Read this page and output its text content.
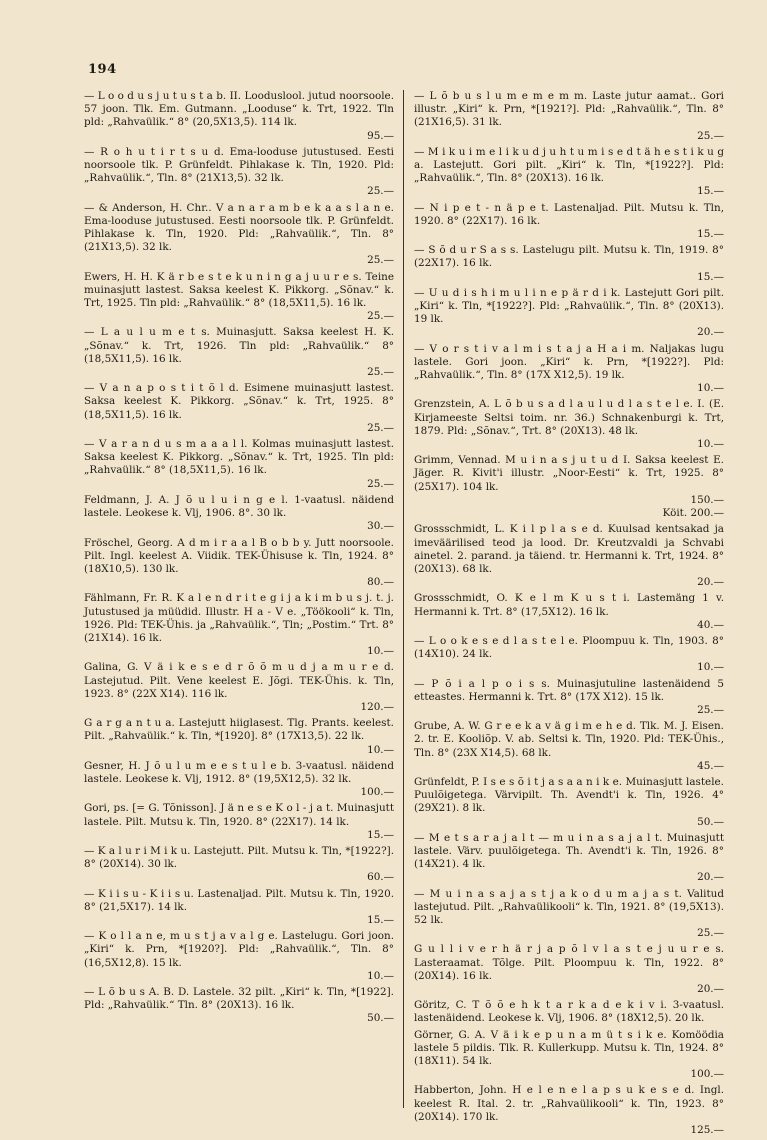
194

— L o o d u s j u t u s t a b. II. Looduslool. jutud noorsoole. 57 joon. Tlk. Em. Gutmann. „Looduse“ k. Trt, 1922. Tln pld: „Rahvaülik.“ 8° (20,5X13,5). 114 lk.
95.—

— R o h u t i r t s u d. Ema-looduse jutustused. Eesti noorsoole tlk. P. Grünfeldt. Pihlakase k. Tln, 1920. Pld: „Rahvaülik.“, Tln. 8° (21X13,5). 32 lk.
25.—

— & Anderson, H. Chr.. V a n a r a m b e k a a s l a n e. Ema-looduse jutustused. Eesti noorsoole tlk. P. Grünfeldt. Pihlakase k. Tln, 1920. Pld: „Rahvaülik.“, Tln. 8° (21X13,5). 32 lk.
25.—

Ewers, H. H. K ä r b e s t e k u n i n g a j u u r e s. Teine muinasjutt lastest. Saksa keelest K. Pikkorg. „Sõnav.“ k. Trt, 1925. Tln pld: „Rahvaülik.“ 8° (18,5X11,5). 16 lk.
25.—

— L a u l u m e t s. Muinasjutt. Saksa keelest H. K. „Sõnav.“ k. Trt, 1926. Tln pld: „Rahvaülik.“ 8° (18,5X11,5). 16 lk.
25.—

— V a n a p o s t i t õ l d. Esimene muinasjutt lastest. Saksa keelest K. Pikkorg. „Sõnav.“ k. Trt, 1925. 8° (18,5X11,5). 16 lk.
25.—

— V a r a n d u s m a a a l l. Kolmas muinasjutt lastest. Saksa keelest K. Pikkorg. „Sõnav.“ k. Trt, 1925. Tln pld: „Rahvaülik.“ 8° (18,5X11,5). 16 lk.
25.—

Feldmann, J. A. J õ u l u i n g e l. 1-vaatusl. näidend lastele. Leokese k. Vlj, 1906. 8°. 30 lk.
30.—

Fröschel, Georg. A d m i r a a l B o b b y. Jutt noorsoole. Pilt. Ingl. keelest A. Viidik. TEK-Ühisuse k. Tln, 1924. 8° (18X10,5). 130 lk.
80.—

Fählmann, Fr. R. K a l e n d r i t e g i j a k i m b u s j. t. j. Jutustused ja müüdid. Illustr. H a - V e. „Töökooli“ k. Tln, 1926. Pld: TEK-Ühis. ja „Rahvaülik.“, Tln; „Postim.“ Trt. 8° (21X14). 16 lk.
10.—

Galina, G. V ä i k e s e d r õ õ m u d j a m u r e d. Lastejutud. Pilt. Vene keelest E. Jõgi. TEK-Ühis. k. Tln, 1923. 8° (22X X14). 116 lk.
120.—

G a r g a n t u a. Lastejutt hiiglasest. Tlg. Prants. keelest. Pilt. „Rahvaülik.“ k. Tln, *[1920]. 8° (17X13,5). 22 lk.
10.—

Gesner, H. J õ u l u m e e s t u l e b. 3-vaatusl. näidend lastele. Leokese k. Vlj, 1912. 8° (19,5X12,5). 32 lk.
100.—

Gori, ps. [= G. Tõnisson]. J ä n e s e K o l - j a t. Muinasjutt lastele. Pilt. Mutsu k. Tln, 1920. 8° (22X17). 14 lk.
15.—

— K a l u r i M i k u. Lastejutt. Pilt. Mutsu k. Tln, *[1922?]. 8° (20X14). 30 lk.
60.—

— K i i s u - K i i s u. Lastenaljad. Pilt. Mutsu k. Tln, 1920. 8° (21,5X17). 14 lk.
15.—

— K o l l a n e, m u s t j a v a l g e. Lastelugu. Gori joon. „Kiri“ k. Prn, *[1920?]. Pld: „Rahvaülik.“, Tln. 8° (16,5X12,8). 15 lk.
10.—

— L õ b u s A. B. D. Lastele. 32 pilt. „Kiri“ k. Tln, *[1922]. Pld: „Rahvaülik.“ Tln. 8° (20X13). 16 lk.
50.—

— L õ b u s l u m e m e m m. Laste jutur aamat.. Gori illustr. „Kiri“ k. Prn, *[1921?]. Pld: „Rahvaülik.“, Tln. 8° (21X16,5). 31 lk.
25.—

— M i k u i m e l i k u d j u h t u m i s e d t ä h e s t i k u g a. Lastejutt. Gori pilt. „Kiri“ k. Tln, *[1922?]. Pld: „Rahvaülik.“, Tln. 8° (20X13). 16 lk.
15.—

— N i p e t - n ä p e t. Lastenaljad. Pilt. Mutsu k. Tln, 1920. 8° (22X17). 16 lk.
15.—

— S õ d u r S a s s. Lastelugu pilt. Mutsu k. Tln, 1919. 8° (22X17). 16 lk.
15.—

— U u d i s h i m u l i n e p ä r d i k. Lastejutt Gori pilt. „Kiri“ k. Tln, *[1922?]. Pld: „Rahvaülik.“, Tln. 8° (20X13). 19 lk.
20.—

— V o r s t i v a l m i s t a j a H a i m. Naljakas lugu lastele. Gori joon. „Kiri“ k. Prn, *[1922?]. Pld: „Rahvaülik.“, Tln. 8° (17X X12,5). 19 lk.
10.—

Grenzstein, A. L õ b u s a d l a u l u d l a s t e l e. I. (E. Kirjameeste Seltsi toim. nr. 36.) Schnakenburgi k. Trt, 1879. Pld: „Sõnav.“, Trt. 8° (20X13). 48 lk.
10.—

Grimm, Vennad. M u i n a s j u t u d I. Saksa keelest E. Jäger. R. Kivit'i illustr. „Noor-Eesti“ k. Trt, 1925. 8° (25X17). 104 lk.
150.—
Köit. 200.—

Grossschmidt, L. K i l p l a s e d. Kuulsad kentsakad ja imeväärilised teod ja lood. Dr. Kreutzvaldi ja Schvabi ainetel. 2. parand. ja täiend. tr. Hermanni k. Trt, 1924. 8° (20X13). 68 lk.
20.—

Grossschmidt, O. K e l m K u s t i. Lastemäng 1 v. Hermanni k. Trt. 8° (17,5X12). 16 lk.
40.—

— L o o k e s e d l a s t e l e. Ploompuu k. Tln, 1903. 8° (14X10). 24 lk.
10.—

— P õ i a l p o i s s. Muinasjutuline lastenäidend 5 etteastes. Hermanni k. Trt. 8° (17X X12). 15 lk.
25.—

Grube, A. W. G r e e k a v ä g i m e h e d. Tlk. M. J. Eisen. 2. tr. E. Kooliõp. V. ab. Seltsi k. Tln, 1920. Pld: TEK-Ühis., Tln. 8° (23X X14,5). 68 lk.
45.—

Grünfeldt, P. I s e s õ i t j a s a a n i k e. Muinasjutt lastele. Puulõigetega. Värvipilt. Th. Avendt'i k. Tln, 1926. 4° (29X21). 8 lk.
50.—

— M e t s a r a j a l t — m u i n a s a j a l t. Muinasjutt lastele. Värv. puulõigetega. Th. Avendt'i k. Tln, 1926. 8° (14X21). 4 lk.
20.—

— M u i n a s a j a s t j a k o d u m a j a s t. Valitud lastejutud. Pilt. „Rahvaülikooli“ k. Tln, 1921. 8° (19,5X13). 52 lk.
25.—

G u l l i v e r h ä r j a p õ l v l a s t e j u u r e s. Lasteraamat. Tõlge. Pilt. Ploompuu k. Tln, 1922. 8° (20X14). 16 lk.
20.—

Göritz, C. T õ õ e h k t a r k a d e k i v i. 3-vaatusl. lastenäidend. Leokese k. Vlj, 1906. 8° (18X12,5). 20 lk.

Görner, G. A. V ä i k e p u n a m ü t s i k e. Komöödia lastele 5 pildis. Tlk. R. Kullerkupp. Mutsu k. Tln, 1924. 8° (18X11). 54 lk.
100.—

Habberton, John. H e l e n e l a p s u k e s e d. Ingl. keelest R. Ital. 2. tr. „Rahvaülikooli“ k. Tln, 1923. 8° (20X14). 170 lk.
125.—
